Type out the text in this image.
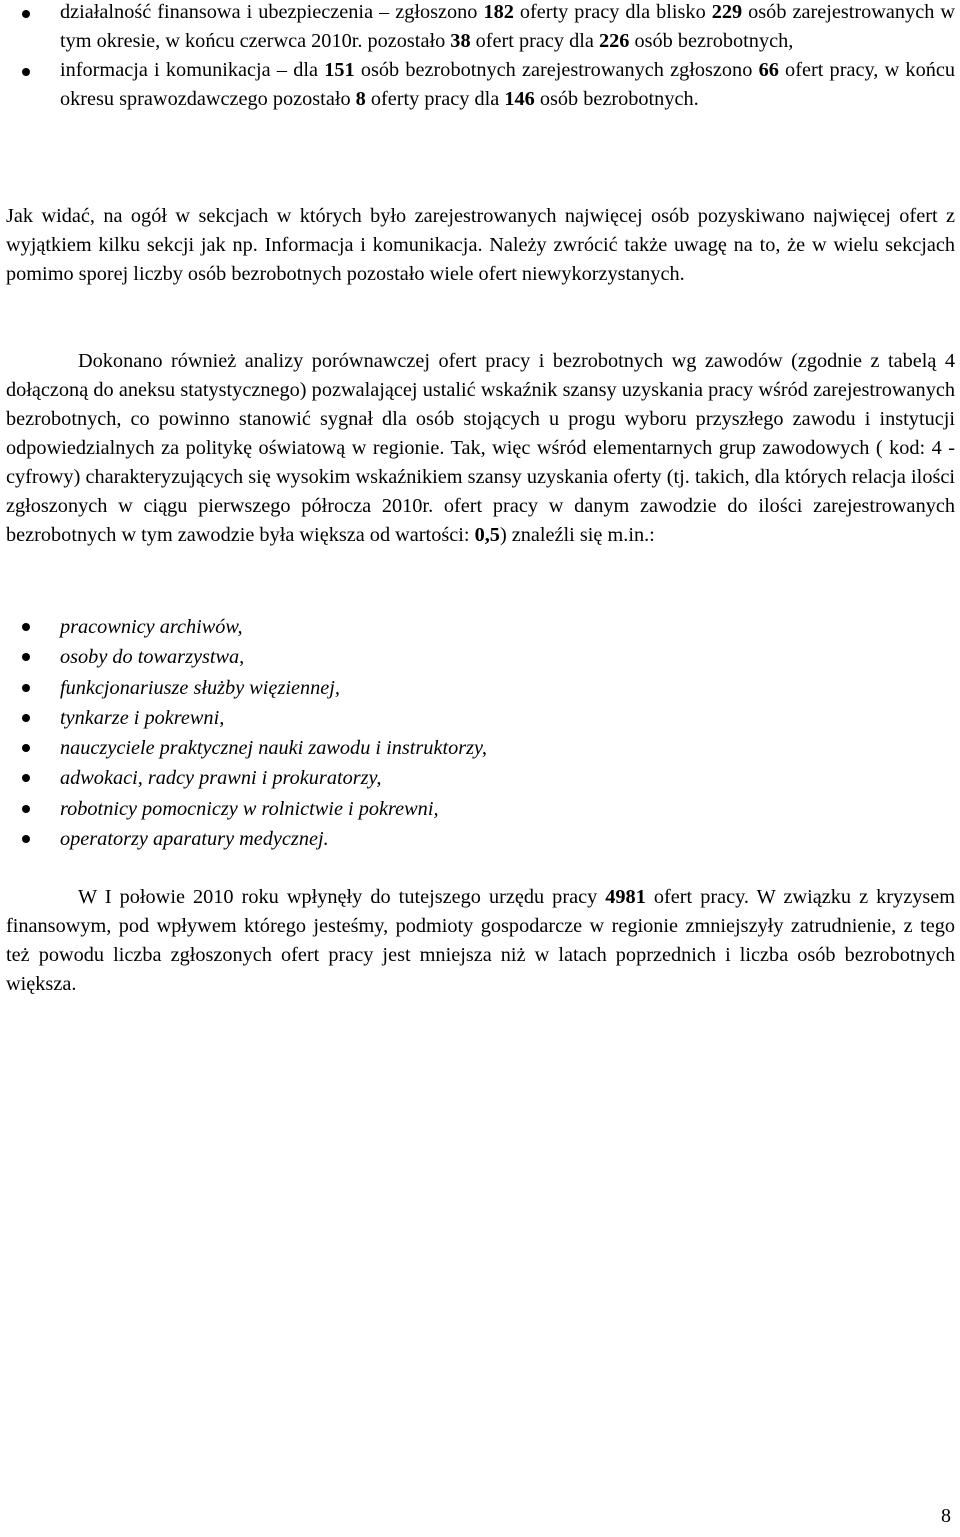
działalność finansowa i ubezpieczenia – zgłoszono 182 oferty pracy dla blisko 229 osób zarejestrowanych w tym okresie, w końcu czerwca 2010r. pozostało 38 ofert pracy dla 226 osób bezrobotnych,
informacja i komunikacja – dla 151 osób bezrobotnych zarejestrowanych zgłoszono 66 ofert pracy, w końcu okresu sprawozdawczego pozostało 8 oferty pracy dla 146 osób bezrobotnych.

Jak widać, na ogół w sekcjach w których było zarejestrowanych najwięcej osób pozyskiwano najwięcej ofert z wyjątkiem kilku sekcji jak np. Informacja i komunikacja. Należy zwrócić także uwagę na to, że w wielu sekcjach pomimo sporej liczby osób bezrobotnych pozostało wiele ofert niewykorzystanych.

Dokonano również analizy porównawczej ofert pracy i bezrobotnych wg zawodów (zgodnie z tabelą 4 dołączoną do aneksu statystycznego) pozwalającej ustalić wskaźnik szansy uzyskania pracy wśród zarejestrowanych bezrobotnych, co powinno stanowić sygnał dla osób stojących u progu wyboru przyszłego zawodu i instytucji odpowiedzialnych za politykę oświatową w regionie. Tak, więc wśród elementarnych grup zawodowych ( kod: 4 - cyfrowy) charakteryzujących się wysokim wskaźnikiem szansy uzyskania oferty (tj. takich, dla których relacja ilości zgłoszonych w ciągu pierwszego półrocza 2010r. ofert pracy w danym zawodzie do ilości zarejestrowanych bezrobotnych w tym zawodzie była większa od wartości: 0,5) znaleźli się m.in.:

pracownicy archiwów,
osoby do towarzystwa,
funkcjonariusze służby więziennej,
tynkarze i pokrewni,
nauczyciele praktycznej nauki zawodu i instruktorzy,
adwokaci, radcy prawni i prokuratorzy,
robotnicy pomocniczy w rolnictwie i pokrewni,
operatorzy aparatury medycznej.

W I połowie 2010 roku wpłynęły do tutejszego urzędu pracy 4981 ofert pracy. W związku z kryzysem finansowym, pod wpływem którego jesteśmy, podmioty gospodarcze w regionie zmniejszyły zatrudnienie, z tego też powodu liczba zgłoszonych ofert pracy jest mniejsza niż w latach poprzednich i liczba osób bezrobotnych większa.

8
